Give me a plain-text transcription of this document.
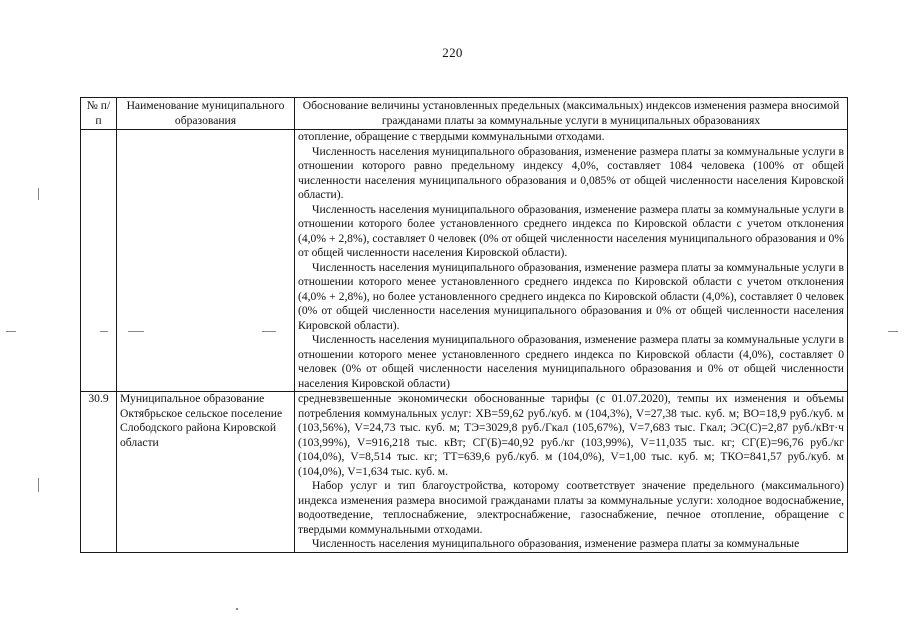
220
№ п/п	Наименование муниципального образования	Обоснование величины установленных предельных (максимальных) индексов изменения размера вносимой гражданами платы за коммунальные услуги в муниципальных образованиях

		отопление, обращение с твердыми коммунальными отходами.

Численность населения муниципального образования, изменение размера платы за коммунальные услуги в отношении которого равно предельному индексу 4,0%, составляет 1084 человека (100% от общей численности населения муниципального образования и 0,085% от общей численности населения Кировской области).

Численность населения муниципального образования, изменение размера платы за коммунальные услуги в отношении которого более установленного среднего индекса по Кировской области с учетом отклонения (4,0% + 2,8%), составляет 0 человек (0% от общей численности населения муниципального образования и 0% от общей численности населения Кировской области).

Численность населения муниципального образования, изменение размера платы за коммунальные услуги в отношении которого менее установленного среднего индекса по Кировской области с учетом отклонения (4,0% + 2,8%), но более установленного среднего индекса по Кировской области (4,0%), составляет 0 человек (0% от общей численности населения муниципального образования и 0% от общей численности населения Кировской области).

Численность населения муниципального образования, изменение размера платы за коммунальные услуги в отношении которого менее установленного среднего индекса по Кировской области (4,0%), составляет 0 человек (0% от общей численности населения муниципального образования и 0% от общей численности населения Кировской области)

30.9	Муниципальное образование Октябрьское сельское поселение Слободского района Кировской области	средневзвешенные экономически обоснованные тарифы (с 01.07.2020), темпы их изменения и объемы потребления коммунальных услуг: ХВ=59,62 руб./куб. м (104,3%), V=27,38 тыс. куб. м; ВО=18,9 руб./куб. м (103,56%), V=24,73 тыс. куб. м; ТЭ=3029,8 руб./Гкал (105,67%), V=7,683 тыс. Гкал; ЭС(С)=2,87 руб./кВт·ч (103,99%), V=916,218 тыс. кВт; СГ(Б)=40,92 руб./кг (103,99%), V=11,035 тыс. кг; СГ(Е)=96,76 руб./кг (104,0%), V=8,514 тыс. кг; ТТ=639,6 руб./куб. м (104,0%), V=1,00 тыс. куб. м; ТКО=841,57 руб./куб. м (104,0%), V=1,634 тыс. куб. м.

Набор услуг и тип благоустройства, которому соответствует значение предельного (максимального) индекса изменения размера вносимой гражданами платы за коммунальные услуги: холодное водоснабжение, водоотведение, теплоснабжение, электроснабжение, газоснабжение, печное отопление, обращение с твердыми коммунальными отходами.

Численность населения муниципального образования, изменение размера платы за коммунальные
